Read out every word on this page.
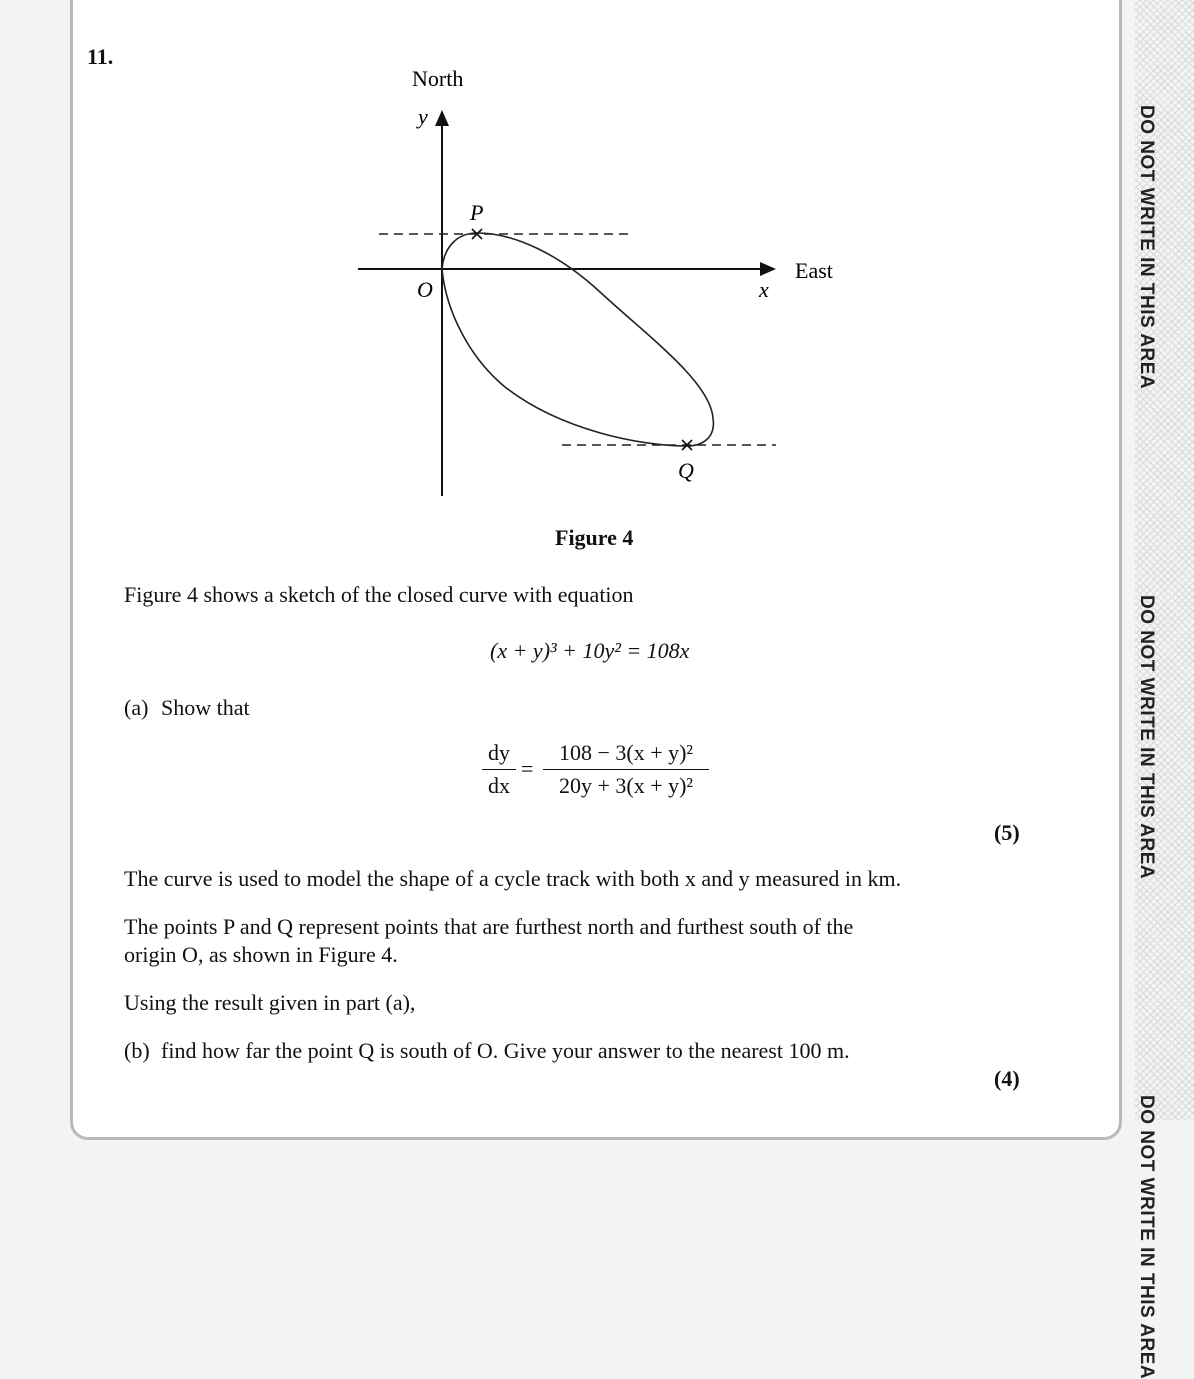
DO NOT WRITE IN THIS AREA
DO NOT WRITE IN THIS AREA
DO NOT WRITE IN THIS AREA
11.
North
y
East
x
O
P
Q
Figure 4
Figure 4 shows a sketch of the closed curve with equation
(x + y)³ + 10y² = 108x
(a) Show that
dy
dx
=
108 − 3(x + y)²
20y + 3(x + y)²
(5)
The curve is used to model the shape of a cycle track with both x and y measured in km.
The points P and Q represent points that are furthest north and furthest south of the
origin O, as shown in Figure 4.
Using the result given in part (a),
(b) find how far the point Q is south of O. Give your answer to the nearest 100 m.
(4)
